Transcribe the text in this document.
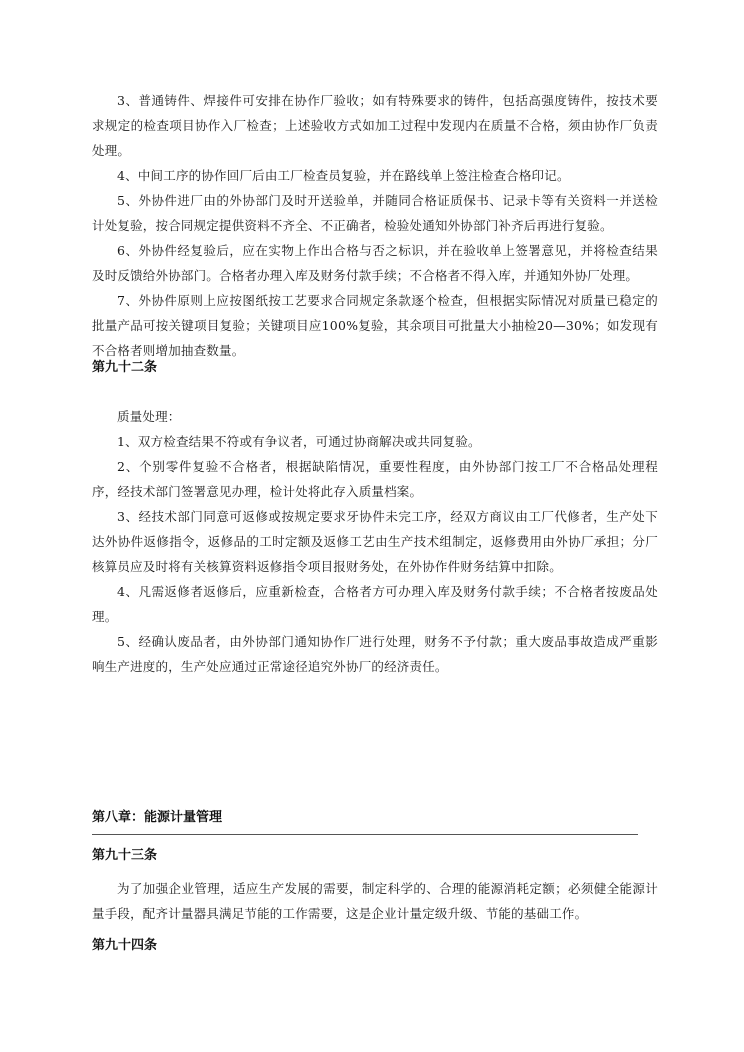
3、普通铸件、焊接件可安排在协作厂验收；如有特殊要求的铸件，包括高强度铸件，按技术要求规定的检查项目协作入厂检查；上述验收方式如加工过程中发现内在质量不合格，须由协作厂负责处理。

4、中间工序的协作回厂后由工厂检查员复验，并在路线单上签注检查合格印记。

5、外协件进厂由的外协部门及时开送验单，并随同合格证质保书、记录卡等有关资料一并送检计处复验，按合同规定提供资料不齐全、不正确者，检验处通知外协部门补齐后再进行复验。

6、外协件经复验后，应在实物上作出合格与否之标识，并在验收单上签署意见，并将检查结果及时反馈给外协部门。合格者办理入库及财务付款手续；不合格者不得入库，并通知外协厂处理。

7、外协件原则上应按图纸按工艺要求合同规定条款逐个检查，但根据实际情况对质量已稳定的批量产品可按关键项目复验；关键项目应100%复验，其余项目可批量大小抽检20—30%；如发现有不合格者则增加抽查数量。

第九十二条

质量处理：

1、双方检查结果不符或有争议者，可通过协商解决或共同复验。

2、个别零件复验不合格者，根据缺陷情况，重要性程度，由外协部门按工厂不合格品处理程序，经技术部门签署意见办理，检计处将此存入质量档案。

3、经技术部门同意可返修或按规定要求牙协件未完工序，经双方商议由工厂代修者，生产处下达外协件返修指令，返修品的工时定额及返修工艺由生产技术组制定，返修费用由外协厂承担；分厂核算员应及时将有关核算资料返修指令项目报财务处，在外协作件财务结算中扣除。

4、凡需返修者返修后，应重新检查，合格者方可办理入库及财务付款手续；不合格者按废品处理。

5、经确认废品者，由外协部门通知协作厂进行处理，财务不予付款；重大废品事故造成严重影响生产进度的，生产处应通过正常途径追究外协厂的经济责任。

第八章：能源计量管理
第九十三条

为了加强企业管理，适应生产发展的需要，制定科学的、合理的能源消耗定额；必须健全能源计量手段，配齐计量器具满足节能的工作需要，这是企业计量定级升级、节能的基础工作。

第九十四条
